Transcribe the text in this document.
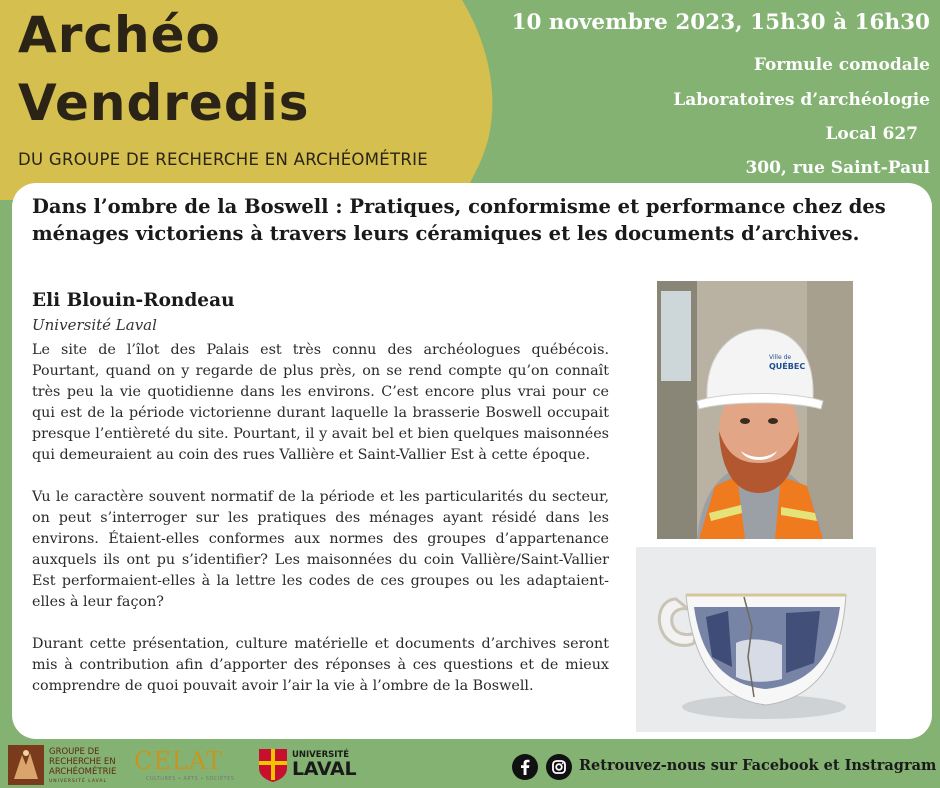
Archéo
Vendredis
DU GROUPE DE RECHERCHE EN ARCHÉOMÉTRIE
10 novembre 2023, 15h30 à 16h30
Formule comodale
Laboratoires d’archéologie
Local 627
300, rue Saint-Paul
Dans l’ombre de la Boswell : Pratiques, conformisme et performance chez des ménages victoriens à travers leurs céramiques et les documents d’archives.
Eli Blouin-Rondeau
Université Laval

Le site de l’îlot des Palais est très connu des archéologues québécois. Pourtant, quand on y regarde de plus près, on se rend compte qu’on connaît très peu la vie quotidienne dans les environs. C’est encore plus vrai pour ce qui est de la période victorienne durant laquelle la brasserie Boswell occupait presque l’entièreté du site. Pourtant, il y avait bel et bien quelques maisonnées qui demeuraient au coin des rues Vallière et Saint-Vallier Est à cette époque.

Vu le caractère souvent normatif de la période et les particularités du secteur, on peut s’interroger sur les pratiques des ménages ayant résidé dans les environs. Étaient-elles conformes aux normes des groupes d’appartenance auxquels ils ont pu s’identifier? Les maisonnées du coin Vallière/Saint-Vallier Est performaient-elles à la lettre les codes de ces groupes ou les adaptaient-elles à leur façon?

Durant cette présentation, culture matérielle et documents d’archives seront mis à contribution afin d’apporter des réponses à ces questions et de mieux comprendre de quoi pouvait avoir l’air la vie à l’ombre de la Boswell.

Ville de
QUÉBEC
GROUPE DE
RECHERCHE EN
ARCHÉOMÉTRIE
UNIVERSITÉ LAVAL
CELAT
CULTURES • ARTS • SOCIÉTÉS
UNIVERSITÉ
LAVAL	Retrouvez-nous sur Facebook et Instragram
